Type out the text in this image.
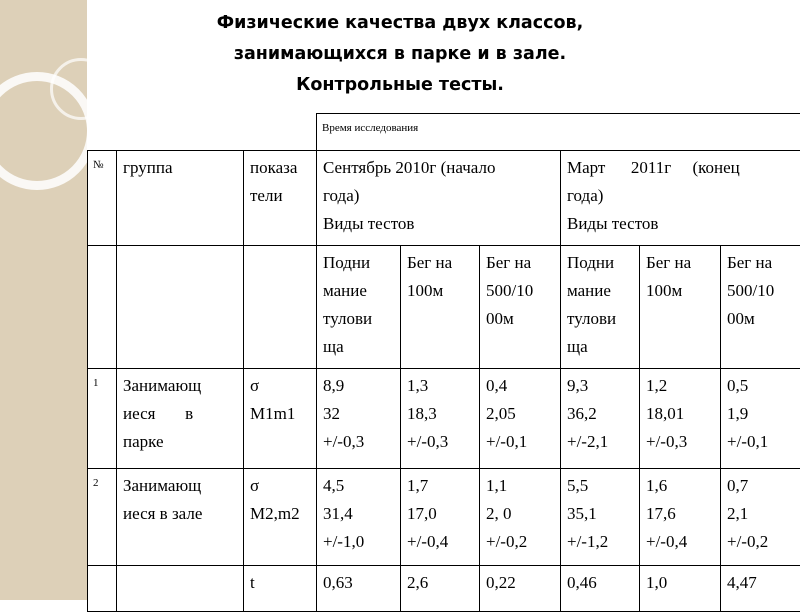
Физические качества двух классов,
занимающихся в парке и в зале.
Контрольные тесты.

			Время исследования					

№	группа	показа
тели	Сентябрь 2010г (начало
года)
Виды тестов			Март      2011г     (конец
года)
Виды тестов		

			Подни
мание
тулови
ща	Бег на
100м	Бег на
500/10
00м	Подни
мание
тулови
ща	Бег на
100м	Бег на
500/10
00м

1	Занимающ
иеся       в
парке	σ
M1m1	8,9
32
+/-0,3	1,3
18,3
+/-0,3	0,4
2,05
+/-0,1	9,3
36,2
+/-2,1	1,2
18,01
+/-0,3	0,5
1,9
+/-0,1

2	Занимающ
иеся в зале	σ
M2,m2	4,5
31,4
+/-1,0	1,7
17,0
+/-0,4	1,1
2, 0
+/-0,2	5,5
35,1
+/-1,2	1,6
17,6
+/-0,4	0,7
2,1
+/-0,2

		t	0,63	2,6	0,22	0,46	1,0	4,47
